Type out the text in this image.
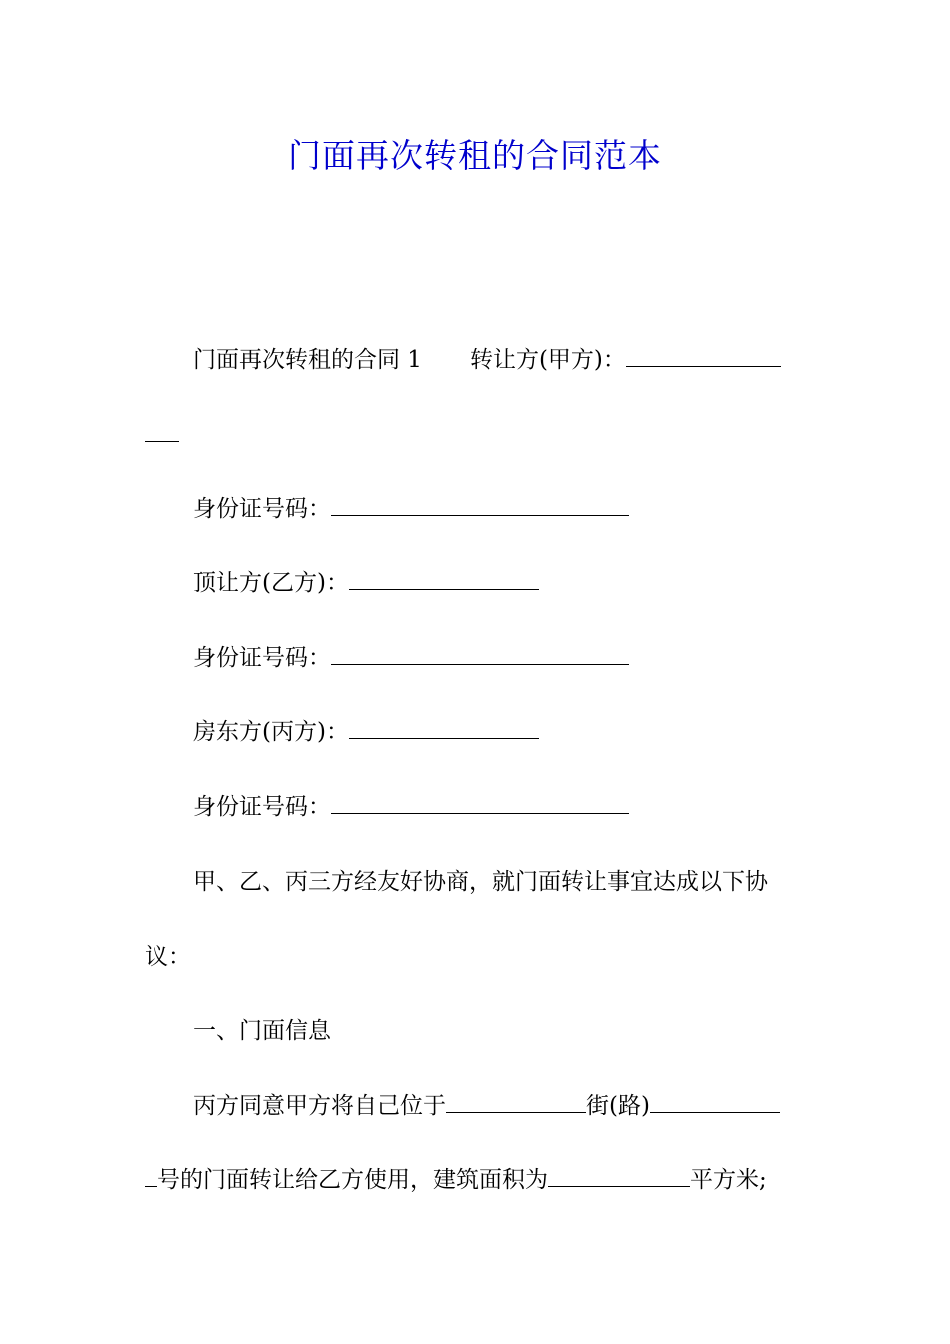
门面再次转租的合同范本
门面再次转租的合同 1 转让方(甲方)：
身份证号码：
顶让方(乙方)：
身份证号码：
房东方(丙方)：
身份证号码：
甲、乙、丙三方经友好协商，就门面转让事宜达成以下协
议：
一、门面信息
丙方同意甲方将自己位于	街(路)
号的门面转让给乙方使用，建筑面积为	平方米;
